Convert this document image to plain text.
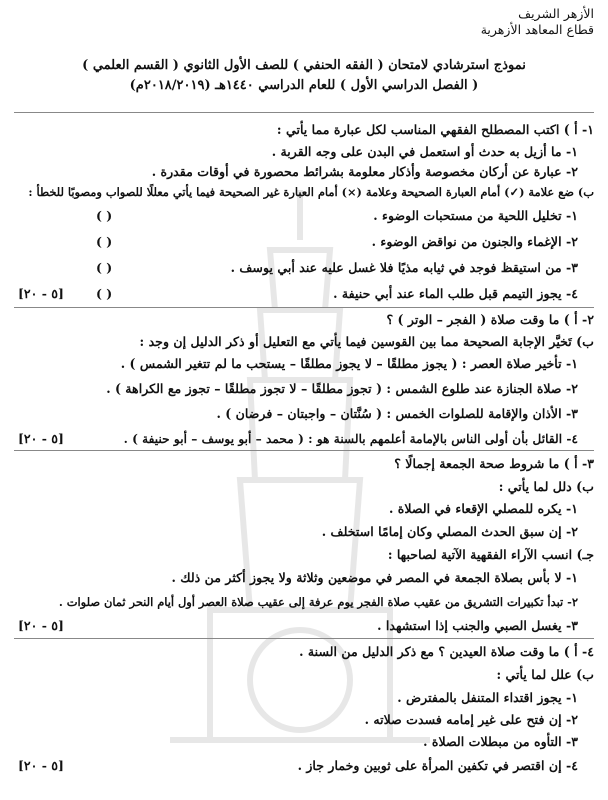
الأزهر الشريف
قطاع المعاهد الأزهرية
نموذج استرشادي لامتحان ( الفقه الحنفي ) للصف الأول الثانوي ( القسم العلمي )
( الفصل الدراسي الأول ) للعام الدراسي ١٤٤٠هـ (٢٠١٨/٢٠١٩م)
١- أ ) اكتب المصطلح الفقهي المناسب لكل عبارة مما يأتي :
١- ما أزيل به حدث أو استعمل في البدن على وجه القربة .
٢- عبارة عن أركان مخصوصة وأذكار معلومة بشرائط محصورة في أوقات مقدرة .
ب) ضع علامة (✓) أمام العبارة الصحيحة وعلامة (×) أمام العبارة غير الصحيحة فيما يأتي معللًا للصواب ومصوبًا للخطأ :
١- تخليل اللحية من مستحبات الوضوء .
( )
٢- الإغماء والجنون من نواقض الوضوء .
( )
٣- من استيقظ فوجد في ثيابه مذيًا فلا غسل عليه عند أبي يوسف .
( )
٤- يجوز التيمم قبل طلب الماء عند أبي حنيفة .
( )
[٥ - ٢٠]
٢- أ ) ما وقت صلاة ( الفجر – الوتر ) ؟
ب) تَخيَّر الإجابة الصحيحة مما بين القوسين فيما يأتي مع التعليل أو ذكر الدليل إن وجد :
١- تأخير صلاة العصر : ( يجوز مطلقًا – لا يجوز مطلقًا – يستحب ما لم تتغير الشمس ) .
٢- صلاة الجنازة عند طلوع الشمس : ( تجوز مطلقًا – لا تجوز مطلقًا – تجوز مع الكراهة ) .
٣- الأذان والإقامة للصلوات الخمس : ( سُنَّتان – واجبتان – فرضان ) .
٤- القائل بأن أولى الناس بالإمامة أعلمهم بالسنة هو : ( محمد – أبو يوسف – أبو حنيفة ) .
[٥ - ٢٠]
٣- أ ) ما شروط صحة الجمعة إجمالًا ؟
ب) دلل لما يأتي :
١- يكره للمصلي الإقعاء في الصلاة .
٢- إن سبق الحدث المصلي وكان إمامًا استخلف .
جـ) انسب الآراء الفقهية الآتية لصاحبها :
١- لا بأس بصلاة الجمعة في المصر في موضعين وثلاثة ولا يجوز أكثر من ذلك .
٢- تبدأ تكبيرات التشريق من عقيب صلاة الفجر يوم عرفة إلى عقيب صلاة العصر أول أيام النحر ثمان صلوات .
٣- يغسل الصبي والجنب إذا استشهدا .
[٥ - ٢٠]
٤- أ ) ما وقت صلاة العيدين ؟ مع ذكر الدليل من السنة .
ب) علل لما يأتي :
١- يجوز اقتداء المتنفل بالمفترض .
٢- إن فتح على غير إمامه فسدت صلاته .
٣- التأوه من مبطلات الصلاة .
٤- إن اقتصر في تكفين المرأة على ثوبين وخمار جاز .
[٥ - ٢٠]
